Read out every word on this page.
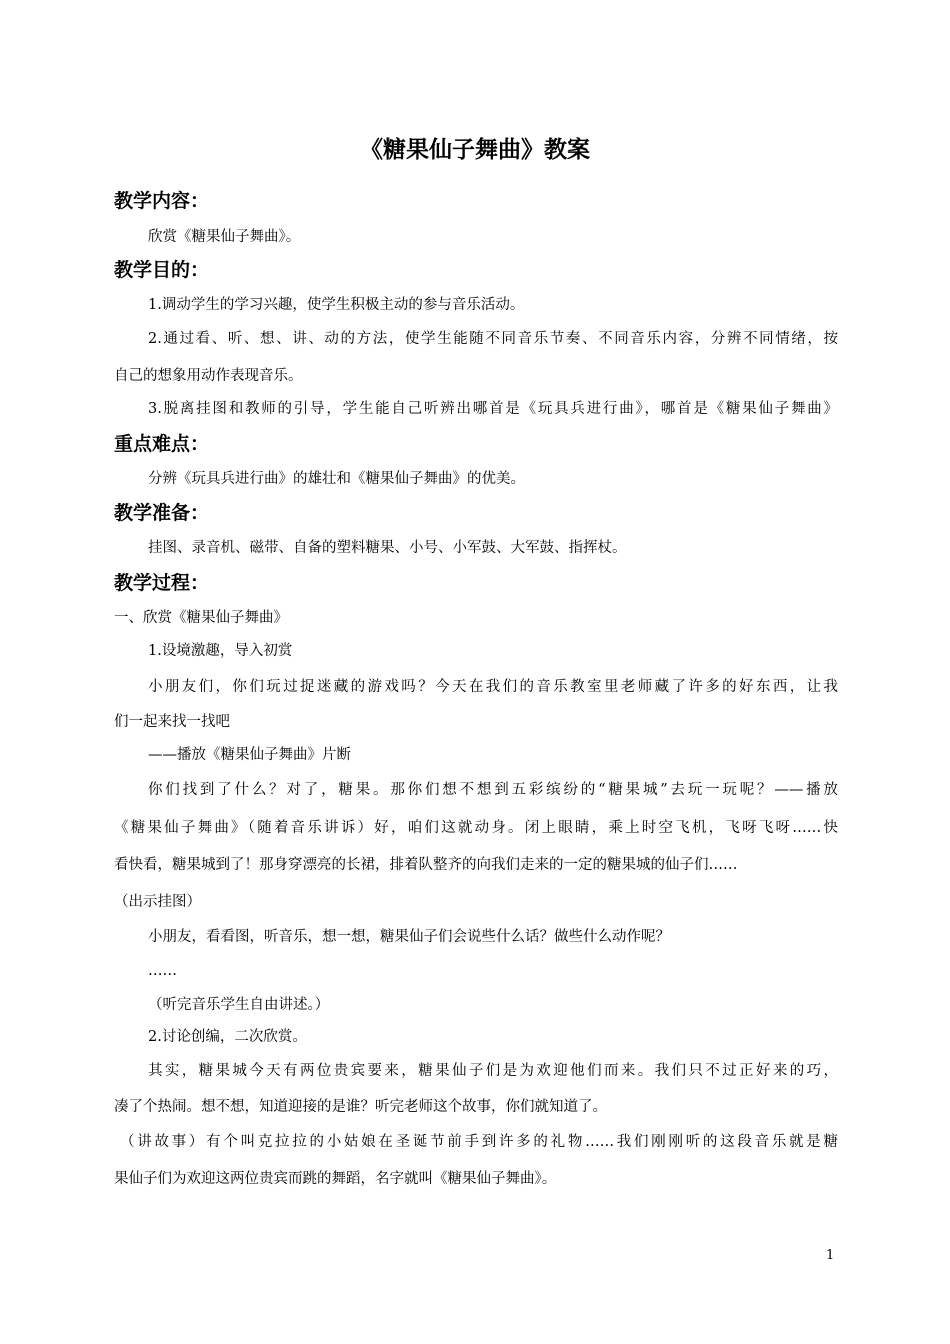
《糖果仙子舞曲》教案
教学内容：
欣赏《糖果仙子舞曲》。
教学目的：
1.调动学生的学习兴趣，使学生积极主动的参与音乐活动。
2.通过看、听、想、讲、动的方法，使学生能随不同音乐节奏、不同音乐内容，分辨不同情绪，按
自己的想象用动作表现音乐。
3.脱离挂图和教师的引导，学生能自己听辨出哪首是《玩具兵进行曲》，哪首是《糖果仙子舞曲》
重点难点：
分辨《玩具兵进行曲》的雄壮和《糖果仙子舞曲》的优美。
教学准备：
挂图、录音机、磁带、自备的塑料糖果、小号、小军鼓、大军鼓、指挥杖。
教学过程：
一、欣赏《糖果仙子舞曲》
1.设境激趣，导入初赏
小朋友们，你们玩过捉迷藏的游戏吗？今天在我们的音乐教室里老师藏了许多的好东西，让我
们一起来找一找吧
——播放《糖果仙子舞曲》片断
你们找到了什么？对了，糖果。那你们想不想到五彩缤纷的“糖果城”去玩一玩呢？——播放
《糖果仙子舞曲》（随着音乐讲诉）好，咱们这就动身。闭上眼睛，乘上时空飞机，飞呀飞呀……快
看快看，糖果城到了！那身穿漂亮的长裙，排着队整齐的向我们走来的一定的糖果城的仙子们……
（出示挂图）
小朋友，看看图，听音乐，想一想，糖果仙子们会说些什么话？做些什么动作呢？
……
（听完音乐学生自由讲述。）
2.讨论创编，二次欣赏。
其实，糖果城今天有两位贵宾要来，糖果仙子们是为欢迎他们而来。我们只不过正好来的巧，
凑了个热闹。想不想，知道迎接的是谁？听完老师这个故事，你们就知道了。
（讲故事）有个叫克拉拉的小姑娘在圣诞节前手到许多的礼物……我们刚刚听的这段音乐就是糖
果仙子们为欢迎这两位贵宾而跳的舞蹈，名字就叫《糖果仙子舞曲》。
1
